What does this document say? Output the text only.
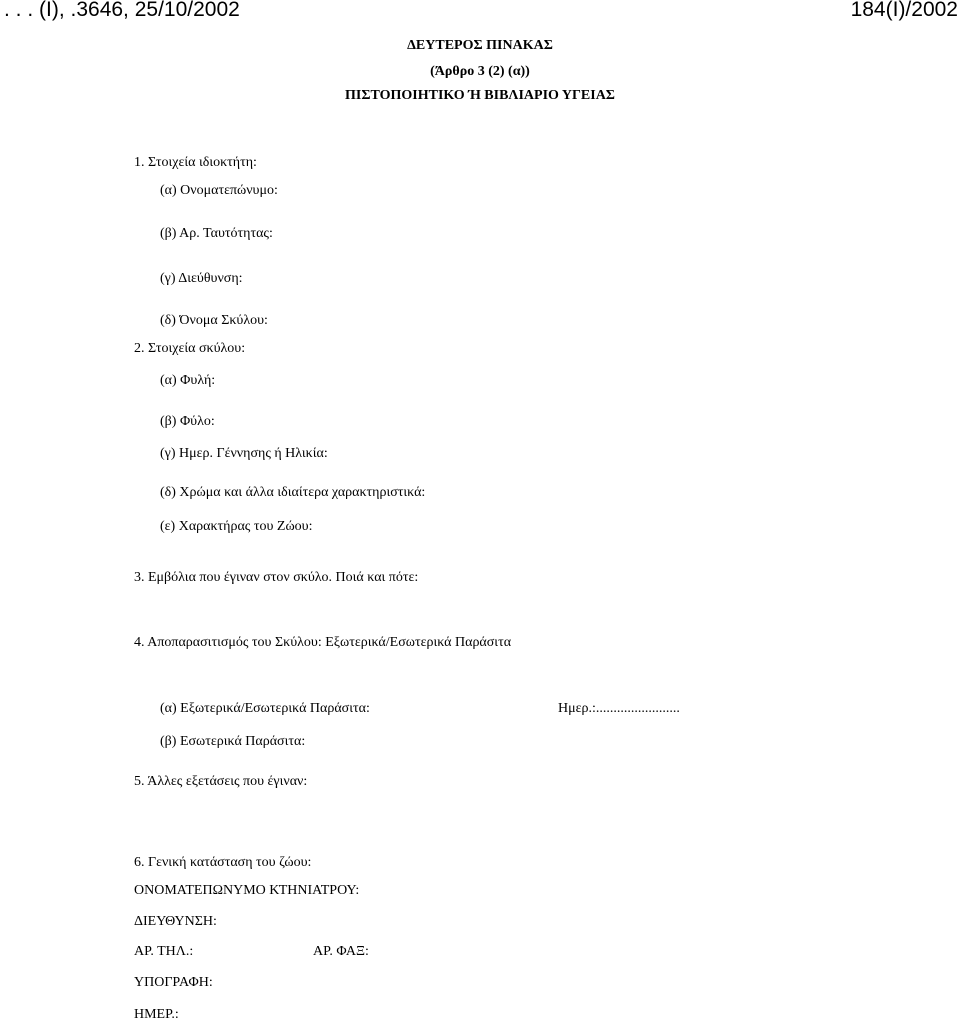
. . . (I), .3646, 25/10/2002	184(I)/2002
ΔΕΥΤΕΡΟΣ ΠΙΝΑΚΑΣ
(Άρθρο 3 (2) (α))
ΠΙΣΤΟΠΟΙΗΤΙΚΟ Ή ΒΙΒΛΙΑΡΙΟ ΥΓΕΙΑΣ
1. Στοιχεία ιδιοκτήτη:
(α) Ονοματεπώνυμο:
(β) Αρ. Ταυτότητας:
(γ) Διεύθυνση:
(δ) Όνομα Σκύλου:
2. Στοιχεία σκύλου:
(α) Φυλή:
(β) Φύλο:
(γ) Ημερ. Γέννησης ή Ηλικία:
(δ) Χρώμα και άλλα ιδιαίτερα χαρακτηριστικά:
(ε) Χαρακτήρας του Ζώου:
3. Εμβόλια που έγιναν στον σκύλο. Ποιά και πότε:
4. Αποπαρασιτισμός του Σκύλου: Εξωτερικά/Εσωτερικά Παράσιτα
(α) Εξωτερικά/Εσωτερικά Παράσιτα:	Ημερ.:........................
(β) Εσωτερικά Παράσιτα:
5. Άλλες εξετάσεις που έγιναν:
6. Γενική κατάσταση του ζώου:
ΟΝΟΜΑΤΕΠΩΝΥΜΟ ΚΤΗΝΙΑΤΡΟΥ:
ΔΙΕΥΘΥΝΣΗ:
ΑΡ. ΤΗΛ.:	ΑΡ. ΦΑΞ:
ΥΠΟΓΡΑΦΗ:
ΗΜΕΡ.:
